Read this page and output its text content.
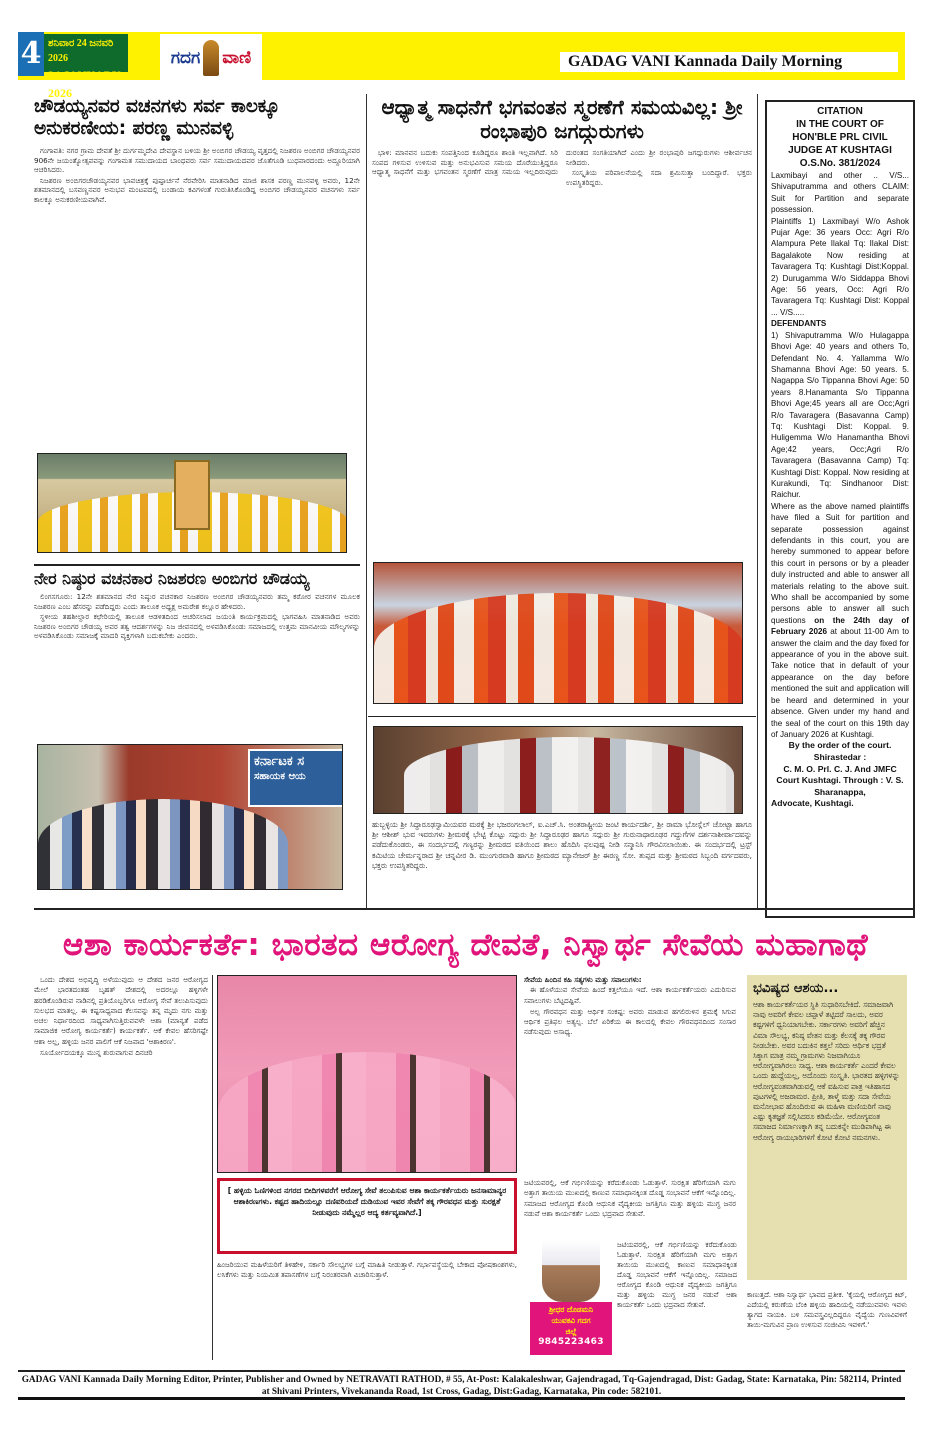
4 ಶನಿವಾರ 24 ಜನವರಿ 2026
24 JANUARY 2026
ಗದಗ ವಾಣಿ	GADAG VANI Kannada Daily Morning
ಚೌಡಯ್ಯನವರ ವಚನಗಳು ಸರ್ವ ಕಾಲಕ್ಕೂ ಅನುಕರಣೀಯ: ಪರಣ್ಣ ಮುನವಳ್ಳಿ

ಗಂಗಾವತಿ: ನಗರ ಗ್ರಾಮ ದೇವತೆ ಶ್ರೀ ದುರ್ಗಮ್ಮದೇವಿ ದೇವಸ್ಥಾನ ಬಳಿಯ ಶ್ರೀ ಅಂಬಿಗರ ಚೌಡಯ್ಯ ವೃತ್ತದಲ್ಲಿ ನಿಜಶರಣ ಅಂಬಿಗರ ಚೌಡಯ್ಯನವರ 906ನೇ ಜಯಂತ್ಯೋತ್ಸವವನ್ನು ಗಂಗಾಮತ ಸಮುದಾಯದ ಬಾಂಧವರು ಸರ್ವ ಸಮುದಾಯದವರ ಜೊತೆಗೂಡಿ ಬುಧವಾರದಂದು ಅದ್ದೂರಿಯಾಗಿ ಆಚರಿಸಿದರು.

ನಿಜಶರಣ ಅಂಬಿಗರಚೌಡಯ್ಯನವರ ಭಾವಚಿತ್ರಕ್ಕೆ ಪುಷ್ಪಾರ್ಚನೆ ನೆರವೇರಿಸಿ ಮಾತನಾಡಿದ ಮಾಜಿ ಶಾಸಕ ಪರಣ್ಣ ಮುನವಳ್ಳಿ ಅವರು, 12ನೇ ಶತಮಾನದಲ್ಲಿ ಬಸವಣ್ಣನವರ ಅನುಭವ ಮಂಟಪದಲ್ಲಿ ಬಂಡಾಯ ಕವಿಗಳಂತೆ ಗುರುತಿಸಿಕೊಂಡಿದ್ದ ಅಂಬಿಗರ ಚೌಡಯ್ಯನವರ ವಚನಗಳು ಸರ್ವ ಕಾಲಕ್ಕೂ ಅನುಕರಣೀಯವಾಗಿವೆ.

ನೇರ ನಿಷ್ಠುರ ವಚನಕಾರ ನಿಜಶರಣ ಅಂಬಿಗರ ಚೌಡಯ್ಯ

ಲಿಂಗಸಗೂರು: 12ನೇ ಶತಮಾನದ ನೇರ ನಿಷ್ಠುರ ವಚನಕಾರ ನಿಜಶರಣ ಅಂಬಿಗರ ಚೌಡಯ್ಯನವರು ತಮ್ಮ ಕಠೋರ ವಚನಗಳ ಮೂಲಕ ನಿಜಶರಣ ಎಂಬ ಹೆಸರನ್ನು ಪಡೆದಿದ್ದರು ಎಂದು ತಾಲೂಕ ಅಧ್ಯಕ್ಷ ಅಮರೇಶ ಕಲ್ಲೂರ ಹೇಳಿದರು.

ಸ್ಥಳೀಯ ತಹಶೀಲ್ದಾರ ಕಛೇರಿಯಲ್ಲಿ ತಾಲೂಕ ಆಡಳಿತದಿಂದ ಆಚರಿಸಲಾದ ಜಯಂತಿ ಕಾರ್ಯಕ್ರಮದಲ್ಲಿ ಭಾಗವಹಿಸಿ ಮಾತನಾಡಿದ ಅವರು ನಿಜಶರಣ ಅಂಬಿಗರ ಚೌಡಯ್ಯ ಅವರ ತತ್ವ ಆದರ್ಶಗಳನ್ನು ನಿಜ ಜೀವನದಲ್ಲಿ ಅಳವಡಿಸಿಕೊಂಡು ಸಮಾಜದಲ್ಲಿ ಉತ್ತಮ ಮಾನವೀಯ ಮೌಲ್ಯಗಳನ್ನು ಅಳವಡಿಸಿಕೊಂಡು ಸಮಾಜಕ್ಕೆ ಮಾದರಿ ವ್ಯಕ್ತಿಗಳಾಗಿ ಬದುಕಬೇಕು ಎಂದರು.

ಕರ್ನಾಟಕ ಸ
ಸಹಾಯಕ ಆಯ
ಆಧ್ಯಾತ್ಮ ಸಾಧನೆಗೆ ಭಗವಂತನ ಸ್ಮರಣೆಗೆ ಸಮಯವಿಲ್ಲ: ಶ್ರೀ ರಂಭಾಪುರಿ ಜಗದ್ಗುರುಗಳು

ಭಾಳಿ: ಮಾನವನ ಬದುಕು ಸಂಪತ್ತಿನಿಂದ ಕೂಡಿದ್ದರೂ ಶಾಂತಿ ಇಲ್ಲವಾಗಿದೆ. ಸಿರಿ ಸಂಪದ ಗಳಿಸುವ ಉಳಿಸುವ ಮತ್ತು ಅನುಭವಿಸುವ ಸಮಯ ದೊರೆಯುತ್ತಿದ್ದರೂ ಆಧ್ಯಾತ್ಮ ಸಾಧನೆಗೆ ಮತ್ತು ಭಗವಂತನ ಸ್ಮರಣೆಗೆ ಮಾತ್ರ ಸಮಯ ಇಲ್ಲದಿರುವುದು ದುರಂತದ ಸಂಗತಿಯಾಗಿದೆ ಎಂದು ಶ್ರೀ ರಂಭಾಪುರಿ ಜಗದ್ಗುರುಗಳು ಆಶೀರ್ವಚನ ನೀಡಿದರು.

ಸಂಸ್ಕೃತಿಯ ಪರಿಪಾಲನೆಯಲ್ಲಿ ಸದಾ ಶ್ರಮಿಸುತ್ತಾ ಬಂದಿದ್ದಾರೆ. ಭಕ್ತರು ಉಪಸ್ಥಿತರಿದ್ದರು.

ಹುಬ್ಬಳ್ಳಿಯ ಶ್ರೀ ಸಿದ್ಧಾರೂಢಸ್ವಾಮಿಯವರ ಮಠಕ್ಕೆ ಶ್ರೀ ಭಜರಂಗಲಾಲ್, ಐ.ಎಚ್.ಸಿ. ಅಂತರಾಷ್ಟ್ರೀಯ ಜಂಟಿ ಕಾರ್ಯದರ್ಶಿ, ಶ್ರೀ ರಾಮಾ ಭೋಸ್ಲೆಲ್ ಚೋಟ್ಟಾ ಹಾಗೂ ಶ್ರೀ ಆಶೀಶ್ ಭುವ ಇವರುಗಳು ಶ್ರೀಮಠಕ್ಕೆ ಭೇಟ್ಟಿ ಕೊಟ್ಟು ಸದ್ಗುರು ಶ್ರೀ ಸಿದ್ಧಾರೂಢರ ಹಾಗೂ ಸದ್ಗುರು ಶ್ರೀ ಗುರುನಾಥಾರೂಢರ ಗದ್ದುಗೆಗಳ ದರ್ಶನಾಶೀರ್ವಾದವನ್ನು ಪಡೆದುಕೊಂಡರು, ಈ ಸಂದರ್ಭದಲ್ಲಿ ಗಣ್ಯರನ್ನು ಶ್ರೀಮಠದ ವತಿಯಿಂದ ಶಾಲು ಹೊದಿಸಿ ಫಲಪುಷ್ಪ ನೀಡಿ ಸನ್ಮಾನಿಸಿ ಗೌರವಿಸಲಾಯಿತು. ಈ ಸಂದರ್ಭದಲ್ಲಿ ಟ್ರಸ್ಟ್ ಕಮಿಟಿಯ ಚೇರ್ಮನ್ನರಾದ ಶ್ರೀ ಚನ್ನವೀರ ಡಿ. ಮುಂಗುರವಾಡಿ ಹಾಗೂ ಶ್ರೀಮಠದ ಮ್ಯಾನೇಜರ್ ಶ್ರೀ ಈರಣ್ಣ ಸೋ. ತುಪ್ಪದ ಮತ್ತು ಶ್ರೀಮಠದ ಸಿಬ್ಬಂದಿ ವರ್ಗದವರು, ಭಕ್ತರು ಉಪಸ್ಥಿತರಿದ್ದರು.
CITATION
IN THE COURT OF
HON'BLE PRL CIVIL
JUDGE AT KUSHTAGI
O.S.No. 381/2024
Laxmibayi and other .. V/S... Shivaputramma and others CLAIM: Suit for Partition and separate possession.
Plaintiffs 1) Laxmibayi W/o Ashok Pujar Age: 36 years Occ: Agri R/o Alampura Pete Ilakal Tq: Ilakal Dist: Bagalakote Now residing at Tavaragera Tq: Kushtagi Dist:Koppal. 2) Durugamma W/o Siddappa Bhovi Age: 56 years, Occ: Agri R/o Tavaragera Tq: Kushtagi Dist: Koppal ... V/S.....
DEFENDANTS
1) Shivaputramma W/o Hulagappa Bhovi Age: 40 years and others To, Defendant No. 4. Yallamma W/o Shamanna Bhovi Age: 50 years. 5. Nagappa S/o Tippanna Bhovi Age: 50 years 8.Hanamanta S/o Tippanna Bhovi Age;45 years all are Occ;Agri R/o Tavaragera (Basavanna Camp) Tq: Kushtagi Dist: Koppal. 9. Huligemma W/o Hanamantha Bhovi Age;42 years, Occ;Agri R/o Tavaragera (Basavanna Camp) Tq: Kushtagi Dist: Koppal. Now residing at Kurakundi, Tq: Sindhanoor Dist: Raichur.
Where as the above named plaintiffs have filed a Suit for partition and separate possession against defendants in this court, you are hereby summoned to appear before this court in persons or by a pleader duly instructed and able to answer all materials relating to the above suit. Who shall be accompanied by some persons able to answer all such questions on the 24th day of February 2026 at about 11-00 Am to answer the claim and the day fixed for appearance of you in the above suit. Take notice that in default of your appearance on the day before mentioned the suit and application will be heard and determined in your absence. Given under my hand and the seal of the court on this 19th day of January 2026 at Kushtagi.
By the order of the court.
Shirastedar :
C. M. O. Prl. C. J. And JMFC Court Kushtagi. Through : V. S. Sharanappa,
Advocate, Kushtagi.
ಆಶಾ ಕಾರ್ಯಕರ್ತೆ: ಭಾರತದ ಆರೋಗ್ಯ ದೇವತೆ, ನಿಸ್ವಾರ್ಥ ಸೇವೆಯ ಮಹಾಗಾಥೆ

ಒಂದು ದೇಶದ ಅಭಿವೃದ್ಧಿ ಅಳೆಯುವುದು ಆ ದೇಶದ ಜನರ ಆರೋಗ್ಯದ ಮೇಲೆ ಭಾರತದಂತಹ ಬೃಹತ್ ದೇಶದಲ್ಲಿ ಅದರಲ್ಲೂ ಹಳ್ಳಿಗಳೇ ಹರಡಿಕೊಂಡಿರುವ ನಾಡಿನಲ್ಲಿ ಪ್ರತಿಯೊಬ್ಬರಿಗೂ ಆರೋಗ್ಯ ಸೇವೆ ತಲುಪಿಸುವುದು ಸುಲಭದ ಮಾತಲ್ಲ. ಈ ಕಷ್ಟಸಾಧ್ಯವಾದ ಕೆಲಸವನ್ನು ತನ್ನ ಮೃದು ನಗು ಮತ್ತು ಅಚಲ ನಿರ್ಧಾರದಿಂದ ಸಾಧ್ಯವಾಗಿಸುತ್ತಿರುವವಳೇ ಆಶಾ (ಮಾನ್ಯತೆ ಪಡೆದ ಸಾಮಾಜಿಕ ಆರೋಗ್ಯ ಕಾರ್ಯಕರ್ತೆ) ಕಾರ್ಯಕರ್ತೆ. ಆಕೆ ಕೇವಲ ಹೆಸರಿಗಷ್ಟೇ ಆಶಾ ಅಲ್ಲ, ಹಳ್ಳಿಯ ಜನರ ಪಾಲಿಗೆ ಆಕೆ ನಿಜವಾದ 'ಆಶಾಕಿರಣ'.

ಸೂರ್ಯೋದಯಕ್ಕೂ ಮುನ್ನ ಶುರುವಾಗುವ ದಿನಚರಿ

[ ಹಳ್ಳಿಯ ಓಣಿಗಳಿಂದ ನಗರದ ಬೀದಿಗಳವರೆಗೆ ಆರೋಗ್ಯ ಸೇವೆ ತಲುಪಿಸುವ ಆಶಾ ಕಾರ್ಯಕರ್ತೆಯರು ಜನಸಾಮಾನ್ಯರ ಆಶಾಕಿರಣಗಳು. ಕಷ್ಟದ ಹಾದಿಯಲ್ಲೂ ದಣಿವರಿಯದೆ ದುಡಿಯುವ ಇವರ ಸೇವೆಗೆ ತಕ್ಕ ಗೌರವಧನ ಮತ್ತು ಸುರಕ್ಷತೆ ನೀಡುವುದು ನಮ್ಮೆಲ್ಲರ ಆದ್ಯ ಕರ್ತವ್ಯವಾಗಿದೆ.]
ಹಿಂಜರಿಯುವ ಮಹಿಳೆಯರಿಗೆ ತಿಳಿಹೇಳಿ, ಸರ್ಕಾರಿ ಸೌಲಭ್ಯಗಳ ಬಗ್ಗೆ ಮಾಹಿತಿ ನೀಡುತ್ತಾಳೆ. ಗರ್ಭಾವಸ್ಥೆಯಲ್ಲಿ ಬೇಕಾದ ಪೋಷಕಾಂಶಗಳು, ಲಸಿಕೆಗಳು ಮತ್ತು ನಿಯಮಿತ ತಪಾಸಣೆಗಳ ಬಗ್ಗೆ ನಿರಂತರವಾಗಿ ವಿಚಾರಿಸುತ್ತಾಳೆ.
ಸೇವೆಯ ಹಿಂದಿನ ಕಹಿ ಸತ್ಯಗಳು ಮತ್ತು ಸವಾಲುಗಳು:

ಈ ಹೊಳೆಯುವ ಸೇವೆಯ ಹಿಂದೆ ಕತ್ತಲೆಯೂ ಇದೆ. ಆಶಾ ಕಾರ್ಯಕರ್ತೆಯರು ಎದುರಿಸುವ ಸವಾಲುಗಳು ಬೆಟ್ಟದಷ್ಟಿವೆ.

ಅಲ್ಪ ಗೌರವಧನ ಮತ್ತು ಆರ್ಥಿಕ ಸಂಕಷ್ಟ: ಅವರು ಮಾಡುವ ಹಗಲಿರುಳಿನ ಶ್ರಮಕ್ಕೆ ಸಿಗುವ ಆರ್ಥಿಕ ಪ್ರತಿಫಲ ಅತ್ಯಲ್ಪ. ಬೆಲೆ ಏರಿಕೆಯ ಈ ಕಾಲದಲ್ಲಿ ಕೇವಲ ಗೌರವಧನದಿಂದ ಸಂಸಾರ ನಡೆಸುವುದು ಅಸಾಧ್ಯ.

ಜಟಿಯವರಲ್ಲಿ, ಆಕೆ ಗರ್ಭಿಣಿಯನ್ನು ಕರೆದುಕೊಂಡು ಓಡುತ್ತಾಳೆ. ಸುರಕ್ಷಿತ ಹೆರಿಗೆಯಾಗಿ ಮಗು ಅತ್ತಾಗ ತಾಯಿಯ ಮುಖದಲ್ಲಿ ಕಾಣುವ ಸಮಾಧಾನಕ್ಕಿಂತ ದೊಡ್ಡ ಸಂಭಾವನೆ ಆಕೆಗೆ ಇನ್ನೊಂದಿಲ್ಲ. ಸಮಾಜದ ಆರೋಗ್ಯದ ಕೊಂಡಿ ಆಧುನಿಕ ವೈದ್ಯಕೀಯ ಜಗತ್ತಿಗೂ ಮತ್ತು ಹಳ್ಳಿಯ ಮುಗ್ಧ ಜನರ ನಡುವೆ ಆಶಾ ಕಾರ್ಯಕರ್ತೆ ಒಂದು ಭದ್ರವಾದ ಸೇತುವೆ.
ಶ್ರೀಧರ ದೊಡಮನಿ
ಯುವಕವಿ ಗದಗ
ಜಿಲ್ಲೆ
9845223463
ಜಟಿಯವರಲ್ಲಿ, ಆಕೆ ಗರ್ಭಿಣಿಯನ್ನು ಕರೆದುಕೊಂಡು ಓಡುತ್ತಾಳೆ. ಸುರಕ್ಷಿತ ಹೆರಿಗೆಯಾಗಿ ಮಗು ಅತ್ತಾಗ ತಾಯಿಯ ಮುಖದಲ್ಲಿ ಕಾಣುವ ಸಮಾಧಾನಕ್ಕಿಂತ ದೊಡ್ಡ ಸಂಭಾವನೆ ಆಕೆಗೆ ಇನ್ನೊಂದಿಲ್ಲ. ಸಮಾಜದ ಆರೋಗ್ಯದ ಕೊಂಡಿ ಆಧುನಿಕ ವೈದ್ಯಕೀಯ ಜಗತ್ತಿಗೂ ಮತ್ತು ಹಳ್ಳಿಯ ಮುಗ್ಧ ಜನರ ನಡುವೆ ಆಶಾ ಕಾರ್ಯಕರ್ತೆ ಒಂದು ಭದ್ರವಾದ ಸೇತುವೆ.
ಭವಿಷ್ಯದ ಆಶಯ...
ಆಶಾ ಕಾರ್ಯಕರ್ತೆಯರ ಸ್ಥಿತಿ ಸುಧಾರಿಸಬೇಕಿದೆ. ಸಮಾಜವಾಗಿ ನಾವು ಅವರಿಗೆ ಕೇವಲ ಚಪ್ಪಾಳೆ ತಟ್ಟಿದರೆ ಸಾಲದು, ಅವರ ಕಷ್ಟಗಳಿಗೆ ಧ್ವನಿಯಾಗಬೇಕು. ಸರ್ಕಾರಗಳು ಅವರಿಗೆ ಹೆಚ್ಚಿನ ವಿಮಾ ಸೌಲಭ್ಯ, ಕನಿಷ್ಠ ವೇತನ ಮತ್ತು ಕೆಲಸಕ್ಕೆ ತಕ್ಕ ಗೌರವ ನೀಡಬೇಕು. ಅವರ ಬದುಕಿನ ಕತ್ತಲೆ ಸರಿದು ಆರ್ಥಿಕ ಭದ್ರತೆ ಸಿಕ್ಕಾಗ ಮಾತ್ರ ನಮ್ಮ ಗ್ರಾಮಗಳು ನಿಜವಾಗಿಯೂ ಆರೋಗ್ಯವಾಗಿರಲು ಸಾಧ್ಯ. ಆಶಾ ಕಾರ್ಯಕರ್ತೆ ಎಂದರೆ ಕೇವಲ ಒಂದು ಹುದ್ದೆಯಲ್ಲ, ಅದೊಂದು ಸಂಸ್ಕೃತಿ. ಭಾರತದ ಹಳ್ಳಿಗಳನ್ನು ಆರೋಗ್ಯವಂತವಾಗಿಡುವಲ್ಲಿ ಆಕೆ ವಹಿಸುವ ಪಾತ್ರ ಇತಿಹಾಸದ ಪುಟಗಳಲ್ಲಿ ಅಜರಾಮರ. ಪ್ರೀತಿ, ತಾಳ್ಮೆ ಮತ್ತು ಸದಾ ಸೇವೆಯ ಮನೋಭಾವ ಹೊಂದಿರುವ ಈ ಮಹಿಳಾ ಮಣಿಯರಿಗೆ ನಾವು ಎಷ್ಟು ಕೃತಜ್ಞತೆ ಸಲ್ಲಿಸಿದರೂ ಕಡಿಮೆಯೇ. ಆರೋಗ್ಯವಂತ ಸಮಾಜದ ನಿರ್ಮಾಣಕ್ಕಾಗಿ ತನ್ನ ಬದುಕನ್ನೇ ಮುಡಿಪಾಗಿಟ್ಟ ಈ ಆರೋಗ್ಯ ರಾಯಭಾರಿಗಳಿಗೆ ಕೋಟಿ ಕೋಟಿ ನಮನಗಳು.
ಕಾಣುತ್ತದೆ. ಆಶಾ ನಿಸ್ವಾರ್ಥ ಭಾವದ ಪ್ರತೀಕ. 'ಕೈಯಲ್ಲಿ ಆರೋಗ್ಯದ ಕಿಟ್, ಎದೆಯಲ್ಲಿ ಕರುಣೆಯ ಬೆಂಕಿ ಹಳ್ಳಿಯ ಹಾದಿಯಲ್ಲಿ ನಡೆಯುವವಳು ಇವಳು ತ್ಯಾಗದ ನಾಯಕಿ. ಬಳಿ ಸಮವಸ್ತ್ರವಿಲ್ಲದಿದ್ದರೂ ವೈದ್ಯೆಯ ಗುಣವಿವಳಿಗೆ ತಾಯಿ-ಮಗುವಿನ ಪ್ರಾಣ ಉಳಿಸುವ ಸಂಜೀವಿನಿ ಇವಳಿಗೆ.'
GADAG VANI Kannada Daily Morning Editor, Printer, Publisher and Owned by NETRAVATI RATHOD, # 55, At-Post: Kalakaleshwar, Gajendragad, Tq-Gajendragad, Dist: Gadag, State: Karnataka, Pin: 582114, Printed at Shivani Printers, Vivekananda Road, 1st Cross, Gadag, Dist:Gadag, Karnataka, Pin code: 582101.
